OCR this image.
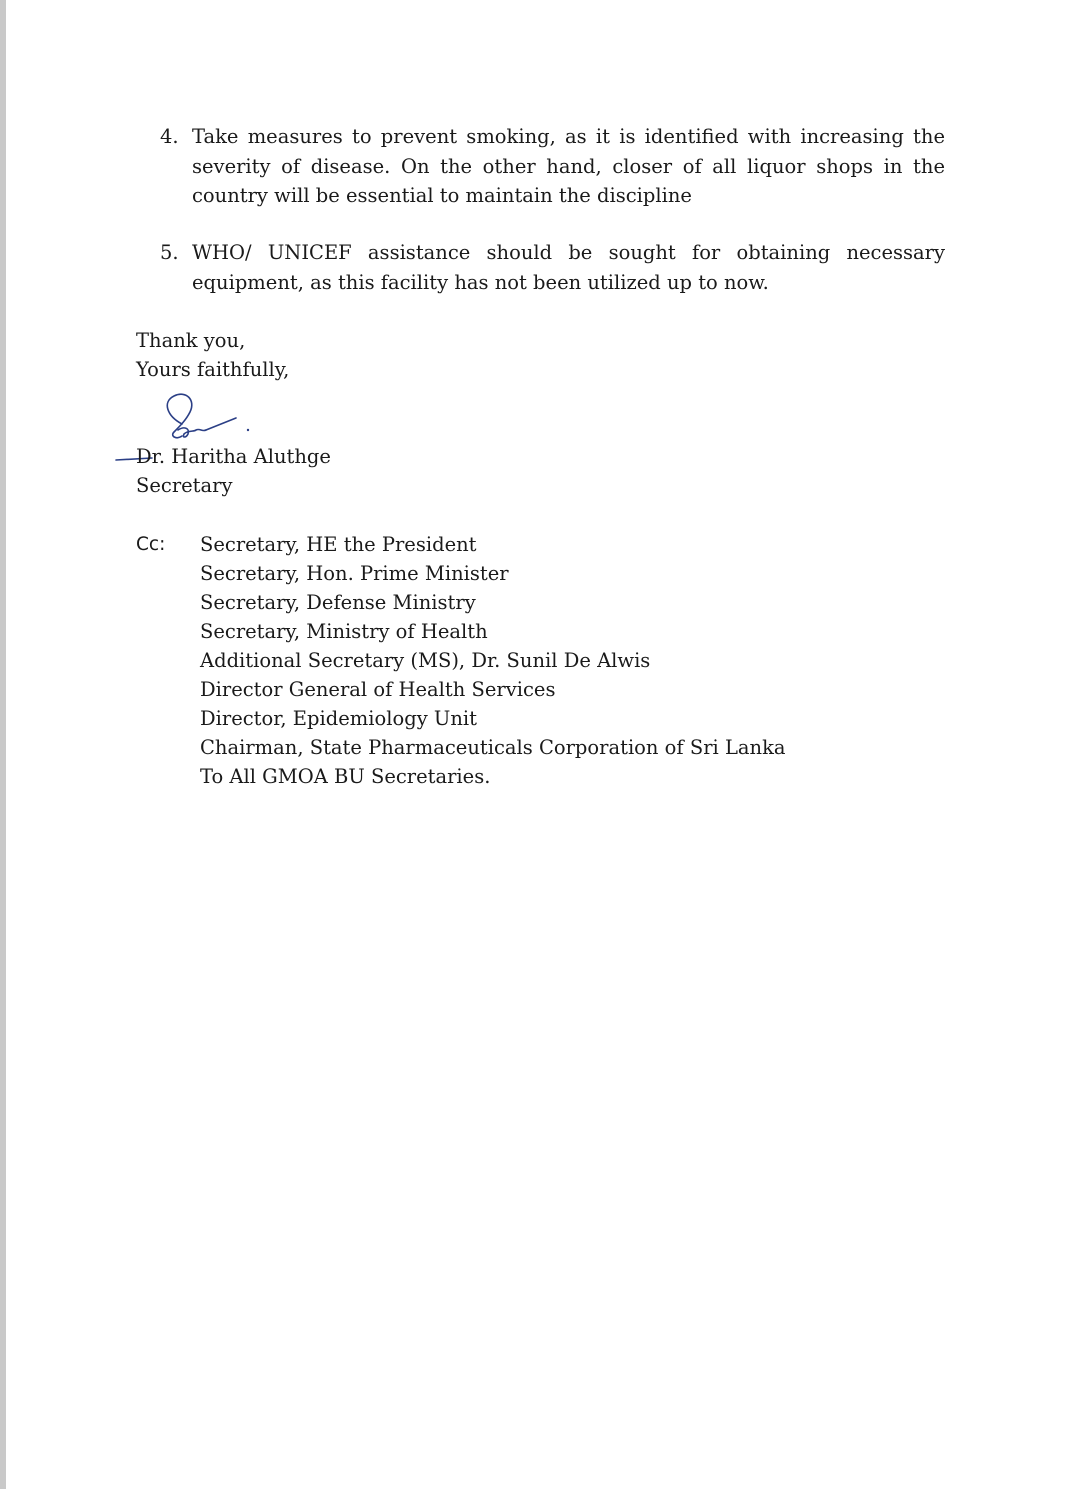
4. Take measures to prevent smoking, as it is identified with increasing the severity of disease. On the other hand, closer of all liquor shops in the country will be essential to maintain the discipline
5. WHO/ UNICEF assistance should be sought for obtaining necessary equipment, as this facility has not been utilized up to now.
Thank you,
Yours faithfully,
Dr. Haritha Aluthge
Secretary
Cc: Secretary, HE the President
Secretary, Hon. Prime Minister
Secretary, Defense Ministry
Secretary, Ministry of Health
Additional Secretary (MS), Dr. Sunil De Alwis
Director General of Health Services
Director, Epidemiology Unit
Chairman, State Pharmaceuticals Corporation of Sri Lanka
To All GMOA BU Secretaries.
